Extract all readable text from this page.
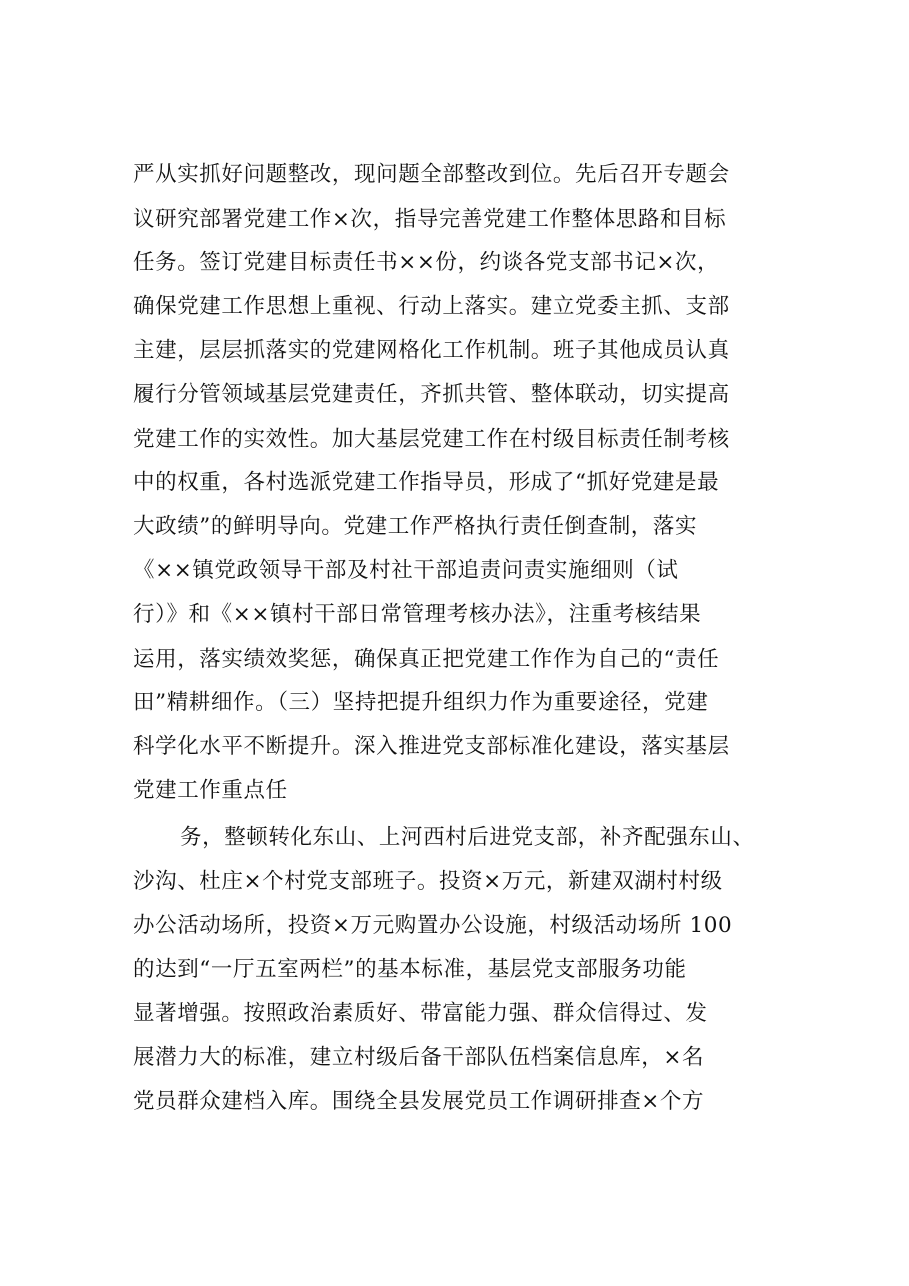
严从实抓好问题整改，现问题全部整改到位。先后召开专题会
议研究部署党建工作×次，指导完善党建工作整体思路和目标
任务。签订党建目标责任书××份，约谈各党支部书记×次，
确保党建工作思想上重视、行动上落实。建立党委主抓、支部
主建，层层抓落实的党建网格化工作机制。班子其他成员认真
履行分管领域基层党建责任，齐抓共管、整体联动，切实提高
党建工作的实效性。加大基层党建工作在村级目标责任制考核
中的权重，各村选派党建工作指导员，形成了“抓好党建是最
大政绩”的鲜明导向。党建工作严格执行责任倒查制，落实
《××镇党政领导干部及村社干部追责问责实施细则（试
行）》和《××镇村干部日常管理考核办法》，注重考核结果
运用，落实绩效奖惩，确保真正把党建工作作为自己的“责任
田”精耕细作。（三）坚持把提升组织力作为重要途径，党建
科学化水平不断提升。深入推进党支部标准化建设，落实基层
党建工作重点任
务，整顿转化东山、上河西村后进党支部，补齐配强东山、
沙沟、杜庄×个村党支部班子。投资×万元，新建双湖村村级
办公活动场所，投资×万元购置办公设施，村级活动场所 100
的达到“一厅五室两栏”的基本标准，基层党支部服务功能
显著增强。按照政治素质好、带富能力强、群众信得过、发
展潜力大的标准，建立村级后备干部队伍档案信息库，×名
党员群众建档入库。围绕全县发展党员工作调研排查×个方
